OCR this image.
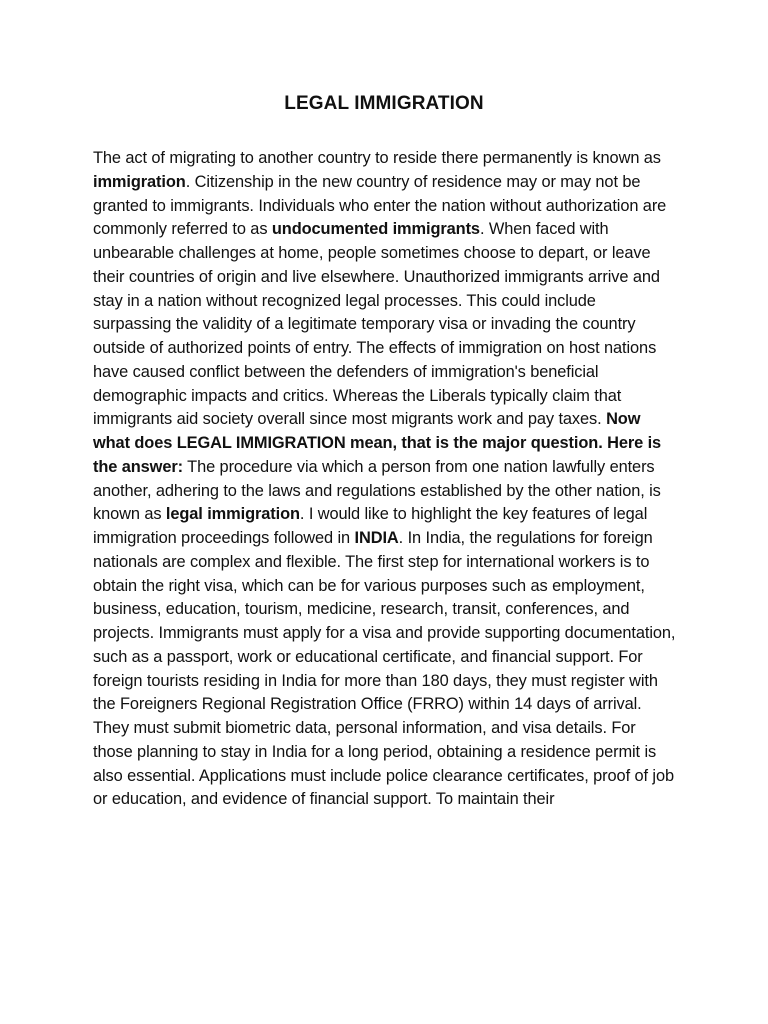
LEGAL IMMIGRATION
The act of migrating to another country to reside there permanently is known as immigration. Citizenship in the new country of residence may or may not be granted to immigrants. Individuals who enter the nation without authorization are commonly referred to as undocumented immigrants. When faced with unbearable challenges at home, people sometimes choose to depart, or leave their countries of origin and live elsewhere. Unauthorized immigrants arrive and stay in a nation without recognized legal processes. This could include surpassing the validity of a legitimate temporary visa or invading the country outside of authorized points of entry. The effects of immigration on host nations have caused conflict between the defenders of immigration's beneficial demographic impacts and critics. Whereas the Liberals typically claim that immigrants aid society overall since most migrants work and pay taxes. Now what does LEGAL IMMIGRATION mean, that is the major question. Here is the answer: The procedure via which a person from one nation lawfully enters another, adhering to the laws and regulations established by the other nation, is known as legal immigration. I would like to highlight the key features of legal immigration proceedings followed in INDIA. In India, the regulations for foreign nationals are complex and flexible. The first step for international workers is to obtain the right visa, which can be for various purposes such as employment, business, education, tourism, medicine, research, transit, conferences, and projects. Immigrants must apply for a visa and provide supporting documentation, such as a passport, work or educational certificate, and financial support. For foreign tourists residing in India for more than 180 days, they must register with the Foreigners Regional Registration Office (FRRO) within 14 days of arrival. They must submit biometric data, personal information, and visa details. For those planning to stay in India for a long period, obtaining a residence permit is also essential. Applications must include police clearance certificates, proof of job or education, and evidence of financial support. To maintain their
